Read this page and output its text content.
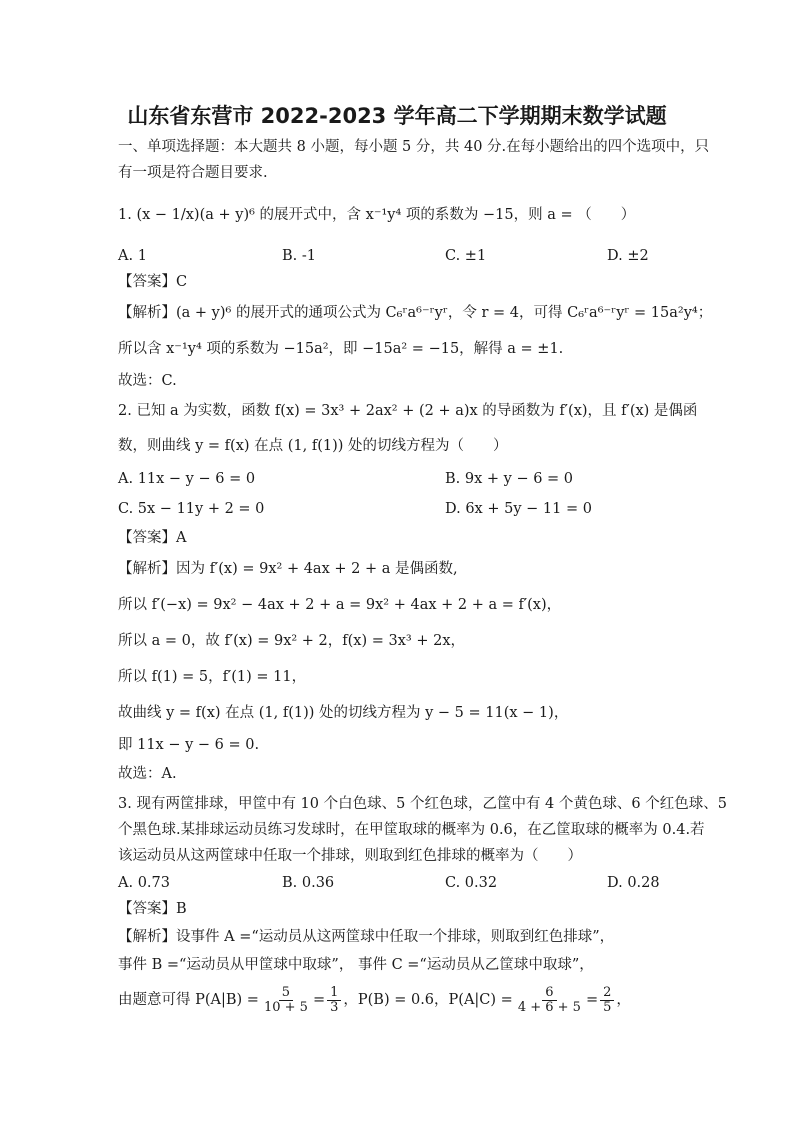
山东省东营市 2022-2023 学年高二下学期期末数学试题
一、单项选择题：本大题共 8 小题，每小题 5 分，共 40 分.在每小题给出的四个选项中，只
有一项是符合题目要求.
1. (x − 1/x)(a + y)⁶ 的展开式中，含 x⁻¹y⁴ 项的系数为 −15，则 a = （　　）
A. 1	B. -1	C. ±1	D. ±2
【答案】C
【解析】(a + y)⁶ 的展开式的通项公式为 C₆ʳa⁶⁻ʳyʳ，令 r = 4，可得 C₆ʳa⁶⁻ʳyʳ = 15a²y⁴；
所以含 x⁻¹y⁴ 项的系数为 −15a²，即 −15a² = −15，解得 a = ±1.
故选：C.
2. 已知 a 为实数，函数 f(x) = 3x³ + 2ax² + (2 + a)x 的导函数为 f′(x)，且 f′(x) 是偶函
数，则曲线 y = f(x) 在点 (1, f(1)) 处的切线方程为（　　）
A. 11x − y − 6 = 0	B. 9x + y − 6 = 0
C. 5x − 11y + 2 = 0	D. 6x + 5y − 11 = 0
【答案】A
【解析】因为 f′(x) = 9x² + 4ax + 2 + a 是偶函数,
所以 f′(−x) = 9x² − 4ax + 2 + a = 9x² + 4ax + 2 + a = f′(x)，
所以 a = 0，故 f′(x) = 9x² + 2，f(x) = 3x³ + 2x，
所以 f(1) = 5，f′(1) = 11，
故曲线 y = f(x) 在点 (1, f(1)) 处的切线方程为 y − 5 = 11(x − 1)，
即 11x − y − 6 = 0.
故选：A.
3. 现有两筐排球，甲筐中有 10 个白色球、5 个红色球，乙筐中有 4 个黄色球、6 个红色球、5
个黑色球.某排球运动员练习发球时，在甲筐取球的概率为 0.6，在乙筐取球的概率为 0.4.若
该运动员从这两筐球中任取一个排球，则取到红色排球的概率为（　　）
A. 0.73	B. 0.36	C. 0.32	D. 0.28
【答案】B
【解析】设事件 A =“运动员从这两筐球中任取一个排球，则取到红色排球”，
事件 B =“运动员从甲筐球中取球”， 事件 C =“运动员从乙筐球中取球”，
由题意可得 $P(A|B) = \frac{5}{10 + 5} = \frac{1}{3}$ ，P(B) = 0.6，$P(A|C) = \frac{6}{4 + 6 + 5} = \frac{2}{5}$ ，
